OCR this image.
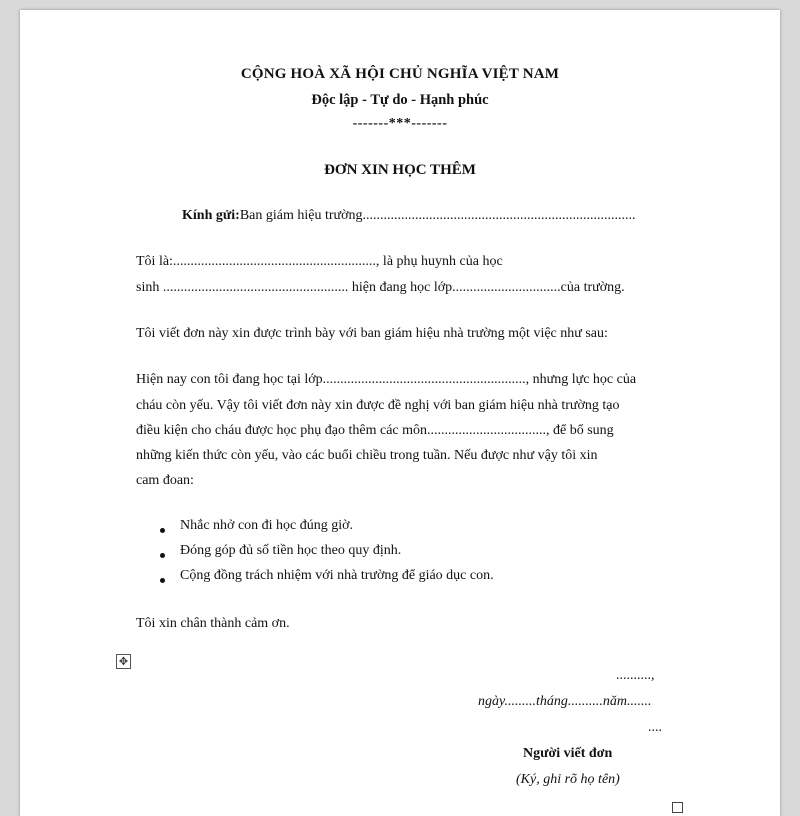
CỘNG HOÀ XÃ HỘI CHỦ NGHĨA VIỆT NAM
Độc lập - Tự do - Hạnh phúc
-------***-------
ĐƠN XIN HỌC THÊM
Kính gửi:Ban giám hiệu trường..............................................................................
Tôi là:.........................................................., là phụ huynh của học
sinh ..................................................... hiện đang học lớp...............................của trường.
Tôi viết đơn này xin được trình bày với ban giám hiệu nhà trường một việc như sau:
Hiện nay con tôi đang học tại lớp.........................................................., nhưng lực học của
cháu còn yếu. Vậy tôi viết đơn này xin được đề nghị với ban giám hiệu nhà trường tạo
điều kiện cho cháu được học phụ đạo thêm các môn.................................., để bổ sung
những kiến thức còn yếu, vào các buổi chiều trong tuần. Nếu được như vậy tôi xin
cam đoan:
Nhắc nhở con đi học đúng giờ.
Đóng góp đủ số tiền học theo quy định.
Cộng đồng trách nhiệm với nhà trường để giáo dục con.
Tôi xin chân thành cảm ơn.
✥
..........,
ngày.........tháng..........năm.......
....
Người viết đơn
(Ký, ghi rõ họ tên)
